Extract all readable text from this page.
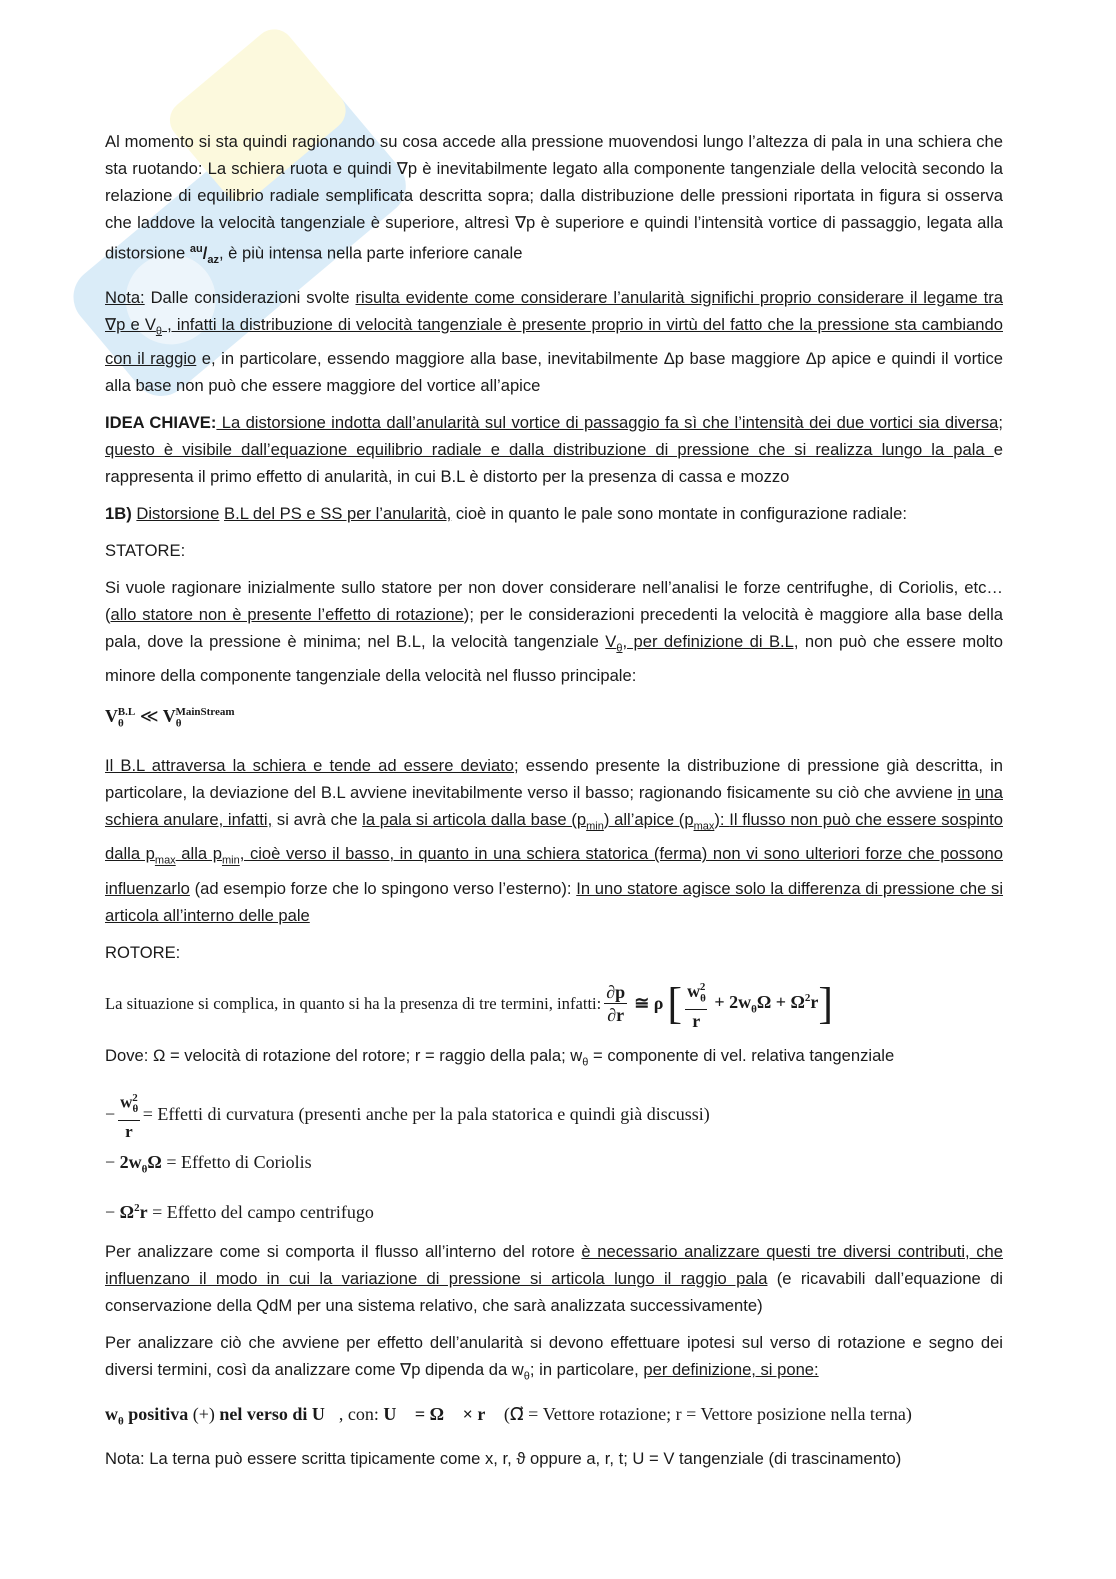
Al momento si sta quindi ragionando su cosa accede alla pressione muovendosi lungo l’altezza di pala in una schiera che sta ruotando: La schiera ruota e quindi ∇p è inevitabilmente legato alla componente tangenziale della velocità secondo la relazione di equilibrio radiale semplificata descritta sopra; dalla distribuzione delle pressioni riportata in figura si osserva che laddove la velocità tangenziale è superiore, altresì ∇p è superiore e quindi l’intensità vortice di passaggio, legata alla distorsione $^{au}/_{az}$, è più intensa nella parte inferiore canale

Nota: Dalle considerazioni svolte risulta evidente come considerare l’anularità significhi proprio considerare il legame tra ∇p e $V_\theta$ , infatti la distribuzione di velocità tangenziale è presente proprio in virtù del fatto che la pressione sta cambiando con il raggio e, in particolare, essendo maggiore alla base, inevitabilmente Δp base maggiore Δp apice e quindi il vortice alla base non può che essere maggiore del vortice all’apice

IDEA CHIAVE: La distorsione indotta dall’anularità sul vortice di passaggio fa sì che l’intensità dei due vortici sia diversa; questo è visibile dall’equazione equilibrio radiale e dalla distribuzione di pressione che si realizza lungo la pala e rappresenta il primo effetto di anularità, in cui B.L è distorto per la presenza di cassa e mozzo

1B) Distorsione B.L del PS e SS per l’anularità, cioè in quanto le pale sono montate in configurazione radiale:

STATORE:

Si vuole ragionare inizialmente sullo statore per non dover considerare nell’analisi le forze centrifughe, di Coriolis, etc…(allo statore non è presente l’effetto di rotazione); per le considerazioni precedenti la velocità è maggiore alla base della pala, dove la pressione è minima; nel B.L, la velocità tangenziale $V_\theta$, per definizione di B.L, non può che essere molto minore della componente tangenziale della velocità nel flusso principale:

$V_\theta^{B.L}$ ≪ $V_\theta^{MainStream}$

Il B.L attraversa la schiera e tende ad essere deviato; essendo presente la distribuzione di pressione già descritta, in particolare, la deviazione del B.L avviene inevitabilmente verso il basso; ragionando fisicamente su ciò che avviene in una schiera anulare, infatti, si avrà che la pala si articola dalla base $(p_{min})$ all’apice $(p_{max})$: Il flusso non può che essere sospinto dalla $p_{max}$ alla $p_{min}$, cioè verso il basso, in quanto in una schiera statorica (ferma) non vi sono ulteriori forze che possono influenzarlo (ad esempio forze che lo spingono verso l’esterno): In uno statore agisce solo la differenza di pressione che si articola all’interno delle pale

ROTORE:

La situazione si complica, in quanto si ha la presenza di tre termini, infatti: $\frac{\partial p}{\partial r}$ ≅ ρ [ $\frac{w_\theta^2}{r} + 2w_\theta\Omega + \Omega^2r$ ]

Dove: Ω = velocità di rotazione del rotore; r = raggio della pala; $w_\theta$ = componente di vel. relativa tangenziale

− $\frac{w_\theta^2}{r}$ = Effetti di curvatura (presenti anche per la pala statorica e quindi già discussi)

− $2w_\theta\Omega$ = Effetto di Coriolis

− $\Omega^2r$ = Effetto del campo centrifugo

Per analizzare come si comporta il flusso all’interno del rotore è necessario analizzare questi tre diversi contributi, che influenzano il modo in cui la variazione di pressione si articola lungo il raggio pala (e ricavabili dall’equazione di conservazione della QdM per una sistema relativo, che sarà analizzata successivamente)

Per analizzare ciò che avviene per effetto dell’anularità si devono effettuare ipotesi sul verso di rotazione e segno dei diversi termini, così da analizzare come ∇p dipenda da $w_\theta$; in particolare, per definizione, si pone:

$w_\theta$ positiva (+) nel verso di U⃗, con: U⃗ = Ω⃗ × r⃗ (Ω⃗ = Vettore rotazione; r = Vettore posizione nella terna)

Nota: La terna può essere scritta tipicamente come x, r, ϑ oppure a, r, t; U = V tangenziale (di trascinamento)
